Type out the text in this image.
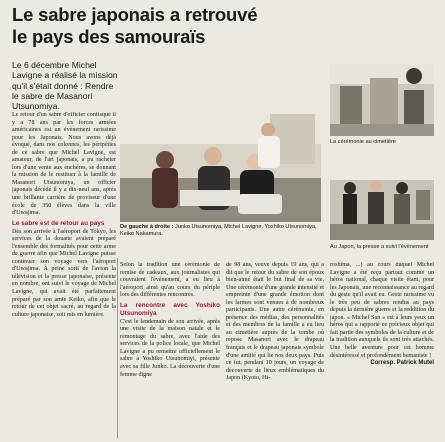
Le sabre japonais a retrouvé
le pays des samouraïs

Le 6 décembre Michel Lavigne a réalisé la mission qu'il s'était donné : Rendre le sabre de Masanori Utsunomiya.

De gauche à droite : Junko Utsunomiya, Michel Lavigne, Yoshiko Utsunomiya, Keiko Nakamura.
La cérémonie au cimetière
Au Japon, la presse a suivi l'évènement

Le retour d'un sabre d'officier confisqué il y a 78 ans par les forces armées américaines est un évènement rarissime pour les Japonais. Nous avons déjà évoqué, dans nos colonnes, les péripéties de ce sabre que Michel Lavigne, est amateur, de l'art japonais, a pu racheter lors d'une vente aux enchères, se donnant la mission de le restituer à la famille de Masanori Utsunomiya, un officier japonais décédé il y a dix-neuf ans, après une brillante carrière de proviseur d'une école de 350 élèves dans la ville d'Uwajima.

Le sabre est de retour au pays

Dès son arrivée à l'aéroport de Tokyo, les services de la douane avaient préparé l'ensemble des formalités pour cette arme de guerre afin que Michel Lavigne puisse continuer son voyage vers l'aéroport d'Uwajima. À peine sorti de l'avion la télévision et la presse japonaise, présente en nombre, ont suivi le voyage de Michel Lavigne, qui avait été parfaitement préparé par son amie Keiko, afin que le retour de cet objet sacré, au regard de la culture japonaise, soit mis en lumière.

Selon la tradition une cérémonie de remise de cadeaux, aux journalistes qui couvraient l'évènement, a eu lieu à l'aéroport ainsi qu'au cours du périple lors des différentes rencontres.

La rencontre avec Yoshiko Utsunomiya

C'est le lendemain de son arrivée, après une visite de la maison natale et le remontage du sabre, avec l'aide des services de la police locale, que Michel Lavigne a pu remettre officiellement le sabre à Yoshiko Utsunomiyi, présente avec sa fille Junko. La découverte d'une femme digne

de 98 ans, veuve depuis 19 ans, qui a dit que le retour du sabre de son époux bien-aimé était le but final de sa vie. Une cérémonie d'une grande intensité et empreinte d'une grande émotion dont les larmes sont venues à de nombreux participants. Une autre cérémonie, en présence des médias, des personnalités et des membres de la famille a eu lieu au cimetière auprès de la tombe où repose Masanori avec le drapeau français et le drapeau japonais symbole d'une amitié qui lie nos deux pays. Puis ce fut, pendant 10 jours, un voyage de découverte de lieux emblématiques du Japon (Kyoto, Hi-

roshima, ...) au cours duquel Michel Lavigne a été reçu partout comme un héros national, chaque visite étant, pour les Japonais, une reconnaissance au regard du geste qu'il avait eu. Geste rarissime vu le très peu de sabres rendus au pays depuis la dernière guerre et la reddition du japon. « Michel San » est à leurs yeux un héros qui a rapporté ce précieux objet qui fait partie des symboles de la culture et de la tradition auxquels ils sont très attachés. Une belle aventure pour cet homme désintéressé et profondément humaniste !

Corresp. Patrick Mutel
